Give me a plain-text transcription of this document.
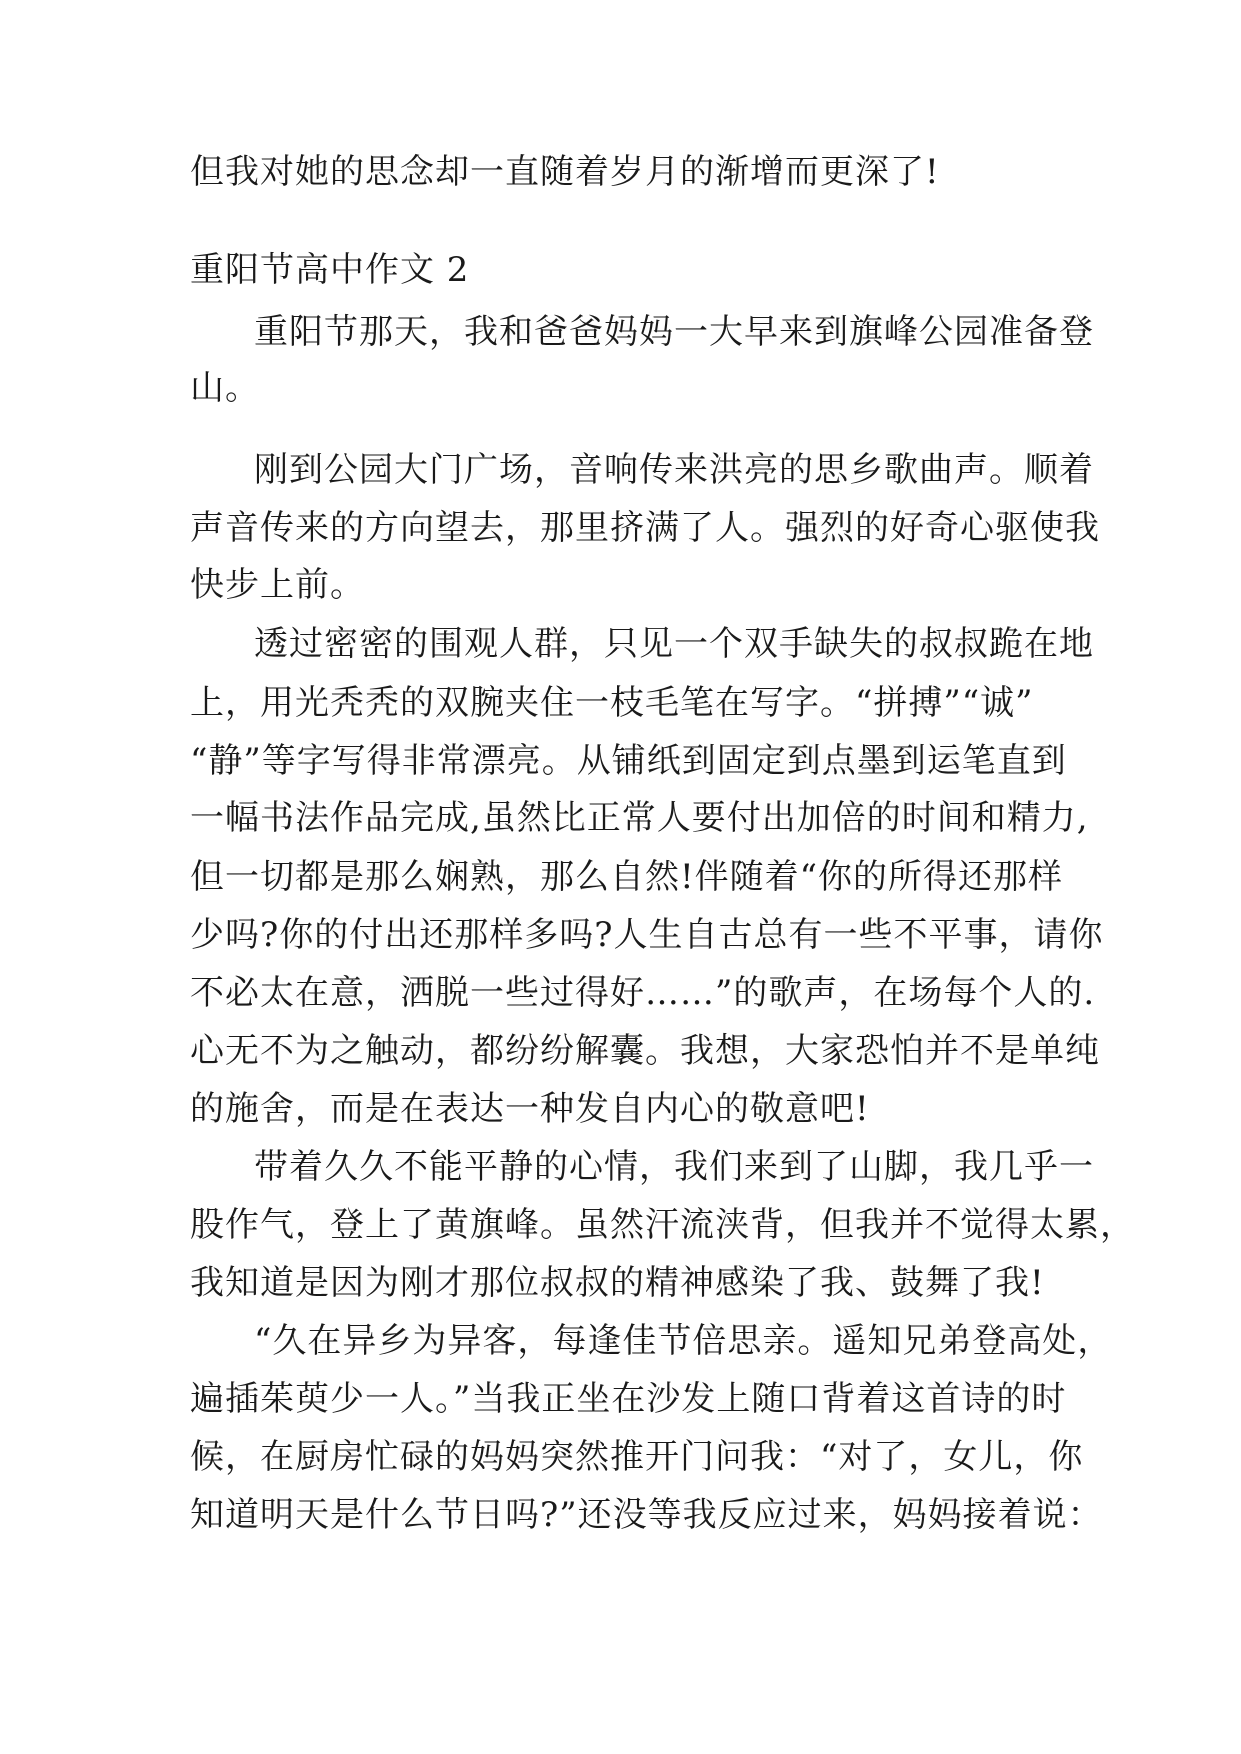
但我对她的思念却一直随着岁月的渐增而更深了!
重阳节高中作文 2
重阳节那天，我和爸爸妈妈一大早来到旗峰公园准备登
山。
刚到公园大门广场，音响传来洪亮的思乡歌曲声。顺着
声音传来的方向望去，那里挤满了人。强烈的好奇心驱使我
快步上前。
透过密密的围观人群，只见一个双手缺失的叔叔跪在地
上，用光秃秃的双腕夹住一枝毛笔在写字。“拼搏”“诚”
“静”等字写得非常漂亮。从铺纸到固定到点墨到运笔直到
一幅书法作品完成,虽然比正常人要付出加倍的时间和精力,
但一切都是那么娴熟，那么自然!伴随着“你的所得还那样
少吗?你的付出还那样多吗?人生自古总有一些不平事，请你
不必太在意，洒脱一些过得好……”的歌声，在场每个人的.
心无不为之触动，都纷纷解囊。我想，大家恐怕并不是单纯
的施舍，而是在表达一种发自内心的敬意吧!
带着久久不能平静的心情，我们来到了山脚，我几乎一
股作气，登上了黄旗峰。虽然汗流浃背，但我并不觉得太累，
我知道是因为刚才那位叔叔的精神感染了我、鼓舞了我!
“久在异乡为异客，每逢佳节倍思亲。遥知兄弟登高处，
遍插茱萸少一人。”当我正坐在沙发上随口背着这首诗的时
候，在厨房忙碌的妈妈突然推开门问我：“对了，女儿，你
知道明天是什么节日吗?”还没等我反应过来，妈妈接着说：
